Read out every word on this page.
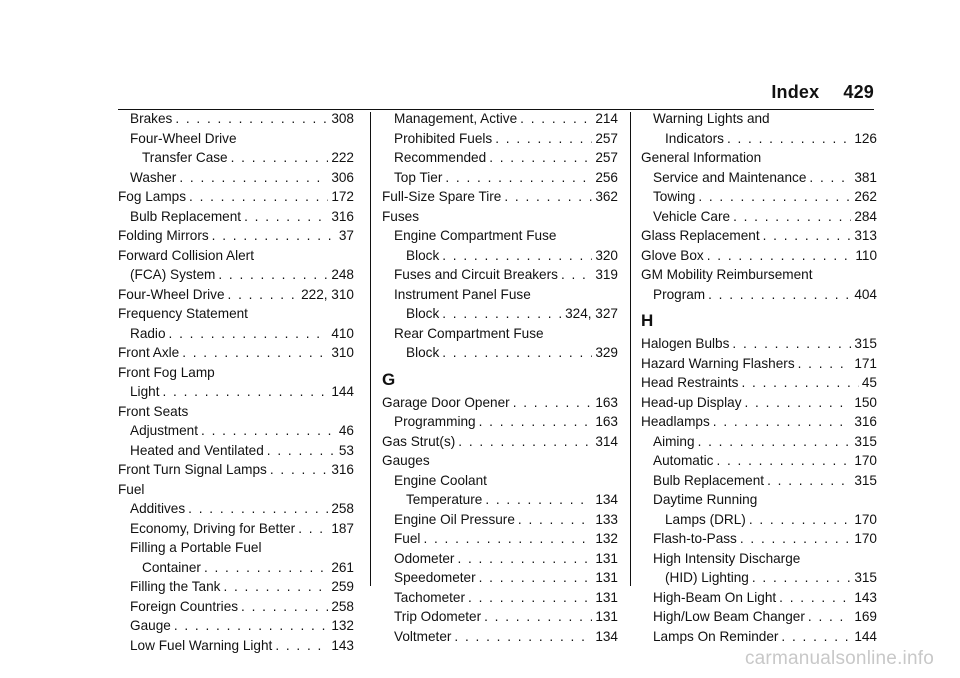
Index 429
Brakes . . .	308
Four-Wheel Drive
Transfer Case . . .	222
Washer . . .	306
Fog Lamps . . .	172
Bulb Replacement . . .	316
Folding Mirrors . . .	37
Forward Collision Alert
(FCA) System . . .	248
Four-Wheel Drive . . .	222, 310
Frequency Statement
Radio . . .	410
Front Axle . . .	310
Front Fog Lamp
Light . . .	144
Front Seats
Adjustment . . .	46
Heated and Ventilated . . .	53
Front Turn Signal Lamps . . .	316
Fuel
Additives . . .	258
Economy, Driving for Better . . .	187
Filling a Portable Fuel
Container . . .	261
Filling the Tank . . .	259
Foreign Countries . . .	258
Gauge . . .	132
Low Fuel Warning Light . . .	143
Management, Active . . .	214
Prohibited Fuels . . .	257
Recommended . . .	257
Top Tier . . .	256
Full-Size Spare Tire . . .	362
Fuses
Engine Compartment Fuse
Block . . .	320
Fuses and Circuit Breakers . . .	319
Instrument Panel Fuse
Block . . .	324, 327
Rear Compartment Fuse
Block . . .	329
G
Garage Door Opener . . .	163
Programming . . .	163
Gas Strut(s) . . .	314
Gauges
Engine Coolant
Temperature . . .	134
Engine Oil Pressure . . .	133
Fuel . . .	132
Odometer . . .	131
Speedometer . . .	131
Tachometer . . .	131
Trip Odometer . . .	131
Voltmeter . . .	134
Warning Lights and
Indicators . . .	126
General Information
Service and Maintenance . . .	381
Towing . . .	262
Vehicle Care . . .	284
Glass Replacement . . .	313
Glove Box . . .	110
GM Mobility Reimbursement
Program . . .	404
H
Halogen Bulbs . . .	315
Hazard Warning Flashers . . .	171
Head Restraints . . .	45
Head-up Display . . .	150
Headlamps . . .	316
Aiming . . .	315
Automatic . . .	170
Bulb Replacement . . .	315
Daytime Running
Lamps (DRL) . . .	170
Flash-to-Pass . . .	170
High Intensity Discharge
(HID) Lighting . . .	315
High-Beam On Light . . .	143
High/Low Beam Changer . . .	169
Lamps On Reminder . . .	144
carmanualsonline.info
